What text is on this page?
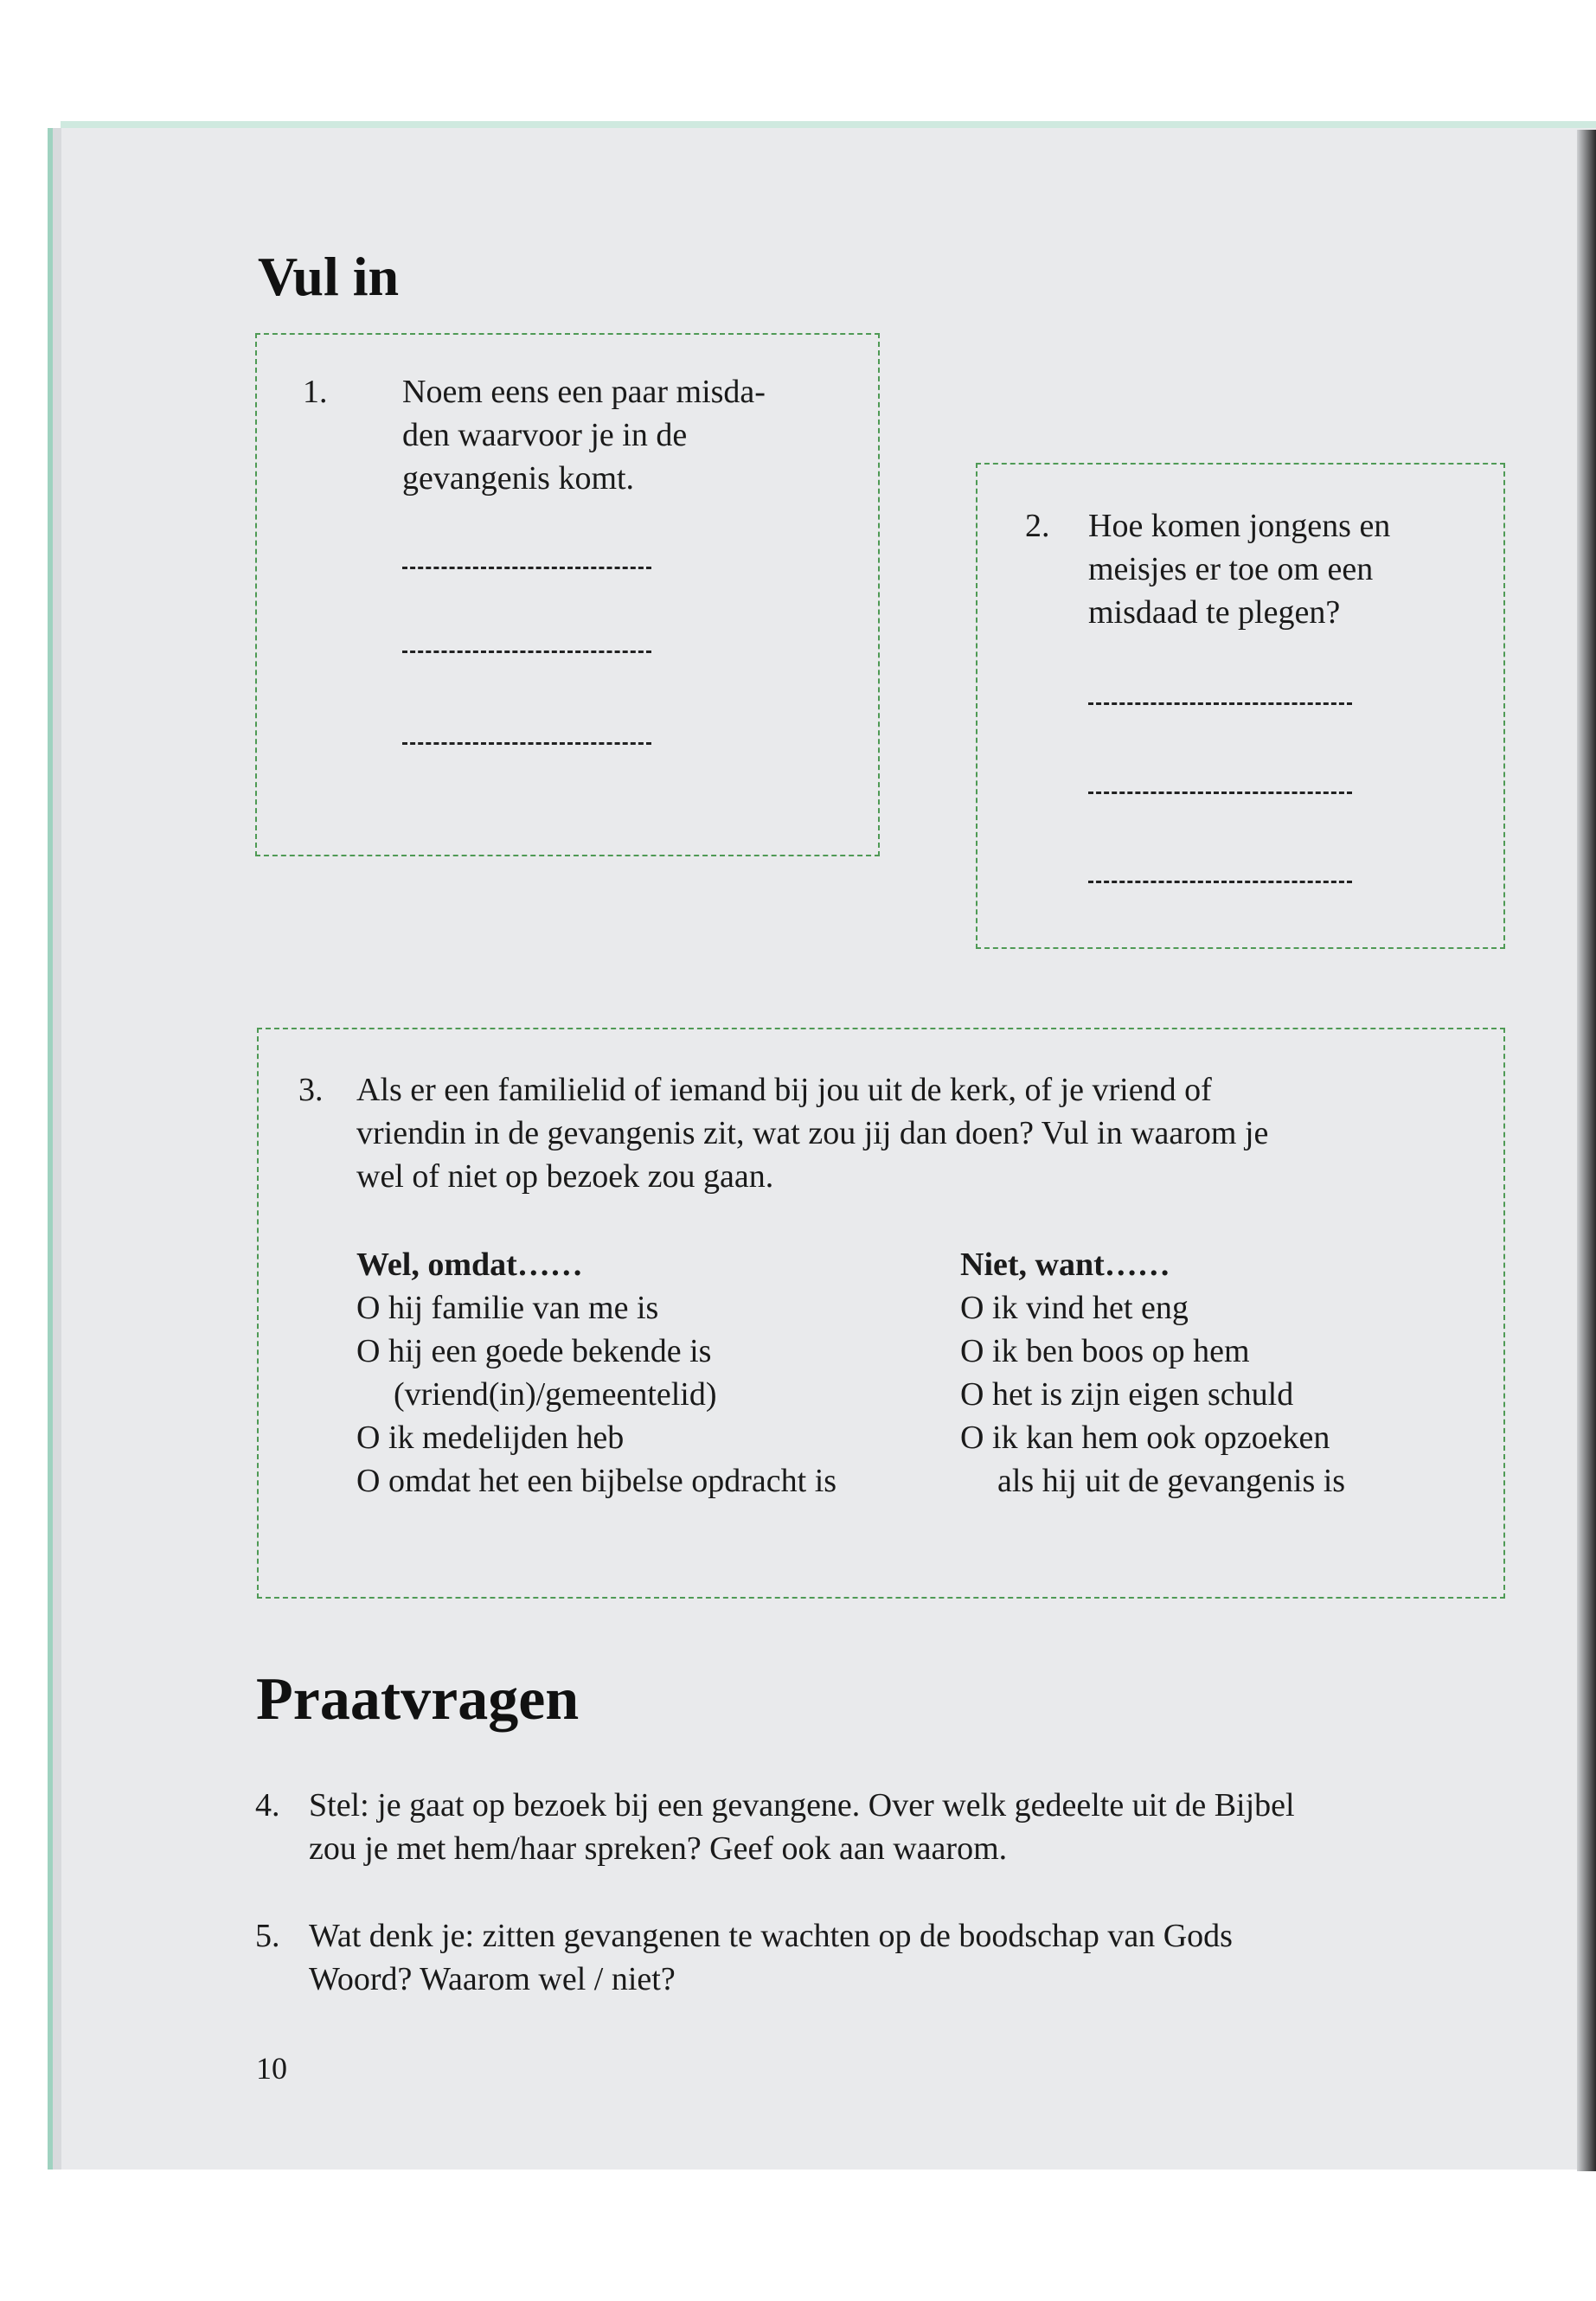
Vul in
1. Noem eens een paar misda-
den waarvoor je in de
gevangenis komt.
2. Hoe komen jongens en
meisjes er toe om een
misdaad te plegen?
3. Als er een familielid of iemand bij jou uit de kerk, of je vriend of
vriendin in de gevangenis zit, wat zou jij dan doen? Vul in waarom je
wel of niet op bezoek zou gaan.
Wel, omdat……
O hij familie van me is
O hij een goede bekende is
(vriend(in)/gemeentelid)
O ik medelijden heb
O omdat het een bijbelse opdracht is
Niet, want……
O ik vind het eng
O ik ben boos op hem
O het is zijn eigen schuld
O ik kan hem ook opzoeken
als hij uit de gevangenis is
Praatvragen
4. Stel: je gaat op bezoek bij een gevangene. Over welk gedeelte uit de Bijbel
zou je met hem/haar spreken? Geef ook aan waarom.
5. Wat denk je: zitten gevangenen te wachten op de boodschap van Gods
Woord? Waarom wel / niet?
10
